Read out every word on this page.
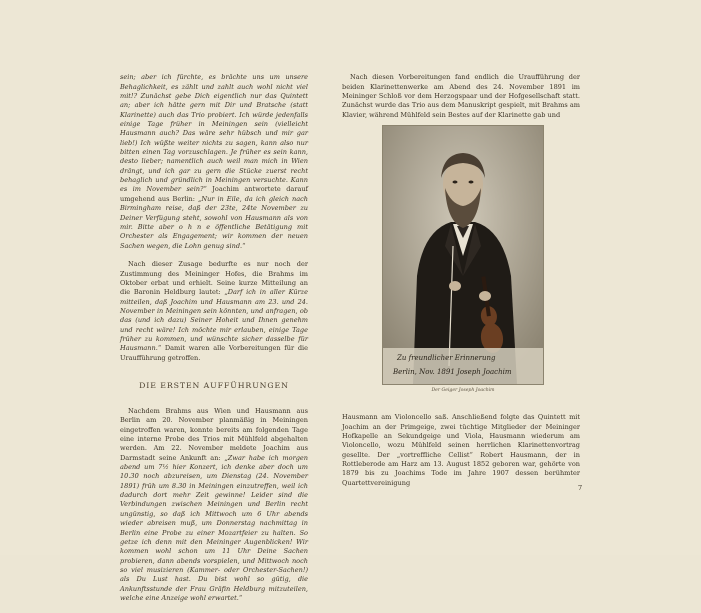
sein; aber ich fürchte, es brächte uns um unsere Behaglichkeit, es zählt und zahlt auch wohl nicht viel mit!? Zunächst gebe Dich eigentlich nur das Quintett an; aber ich hätte gern mit Dir und Bratsche (statt Klarinette) auch das Trio probiert. Ich würde jedenfalls einige Tage früher in Meiningen sein (vielleicht Hausmann auch? Das wäre sehr hübsch und mir gar lieb!) Ich wüßte weiter nichts zu sagen, kann also nur bitten einen Tag vorzuschlagen. Je früher es sein kann, desto lieber; namentlich auch weil man mich in Wien drängt, und ich gar zu gern die Stücke zuerst recht behaglich und gründlich in Meiningen versuchte. Kann es im November sein?“ Joachim antwortete darauf umgehend aus Berlin: „Nur in Eile, da ich gleich nach Birmingham reise, daß der 23te, 24te November zu Deiner Verfügung steht, sowohl von Hausmann als von mir. Bitte aber o h n e öffentliche Betätigung mit Orchester als Engagement; wir kommen der neuen Sachen wegen, die Lohn genug sind.“

Nach dieser Zusage bedurfte es nur noch der Zustimmung des Meininger Hofes, die Brahms im Oktober erbat und erhielt. Seine kurze Mitteilung an die Baronin Heldburg lautet: „Darf ich in aller Kürze mitteilen, daß Joachim und Hausmann am 23. und 24. November in Meiningen sein könnten, und anfragen, ob das (und ich dazu) Seiner Hoheit und Ihnen genehm und recht wäre! Ich möchte mir erlauben, einige Tage früher zu kommen, und wünschte sicher dasselbe für Hausmann.“ Damit waren alle Vorbereitungen für die Uraufführung getroffen.

DIE ERSTEN AUFFÜHRUNGEN

Nachdem Brahms aus Wien und Hausmann aus Berlin am 20. November planmäßig in Meiningen eingetroffen waren, konnte bereits am folgenden Tage eine interne Probe des Trios mit Mühlfeld abgehalten werden. Am 22. November meldete Joachim aus Darmstadt seine Ankunft an: „Zwar habe ich morgen abend um 7½ hier Konzert, ich denke aber doch um 10.30 noch abzureisen, um Dienstag (24. November 1891) früh um 8.30 in Meiningen einzutreffen, weil ich dadurch dort mehr Zeit gewinne! Leider sind die Verbindungen zwischen Meiningen und Berlin recht ungünstig, so daß ich Mittwoch um 6 Uhr abends wieder abreisen muß, um Donnerstag nachmittag in Berlin eine Probe zu einer Mozartfeier zu halten. So getze ich denn mit den Meininger Augenblicken! Wir kommen wohl schon um 11 Uhr Deine Sachen probieren, dann abends vorspielen, und Mittwoch noch so viel musizieren (Kammer- oder Orchester-Sachen!) als Du Lust hast. Du bist wohl so gütig, die Ankunftsstunde der Frau Gräfin Heldburg mitzuteilen, welche eine Anzeige wohl erwartet.“

Nach diesen Vorbereitungen fand endlich die Uraufführung der beiden Klarinettenwerke am Abend des 24. November 1891 im Meininger Schloß vor dem Herzogspaar und der Hofgesellschaft statt. Zunächst wurde das Trio aus dem Manuskript gespielt, mit Brahms am Klavier, während Mühlfeld sein Bestes auf der Klarinette gab und

Zu freundlicher Erinnerung
Berlin, Nov. 1891 Joseph Joachim
Der Geiger Joseph Joachim

Hausmann am Violoncello saß. Anschließend folgte das Quintett mit Joachim an der Primgeige, zwei tüchtige Mitglieder der Meininger Hofkapelle an Sekundgeige und Viola, Hausmann wiederum am Violoncello, wozu Mühlfeld seinen herrlichen Klarinettenvortrag gesellte. Der „vortreffliche Cellist“ Robert Hausmann, der in Rottleberode am Harz am 13. August 1852 geboren war, gehörte von 1879 bis zu Joachims Tode im Jahre 1907 dessen berühmter Quartettvereinigung

7
